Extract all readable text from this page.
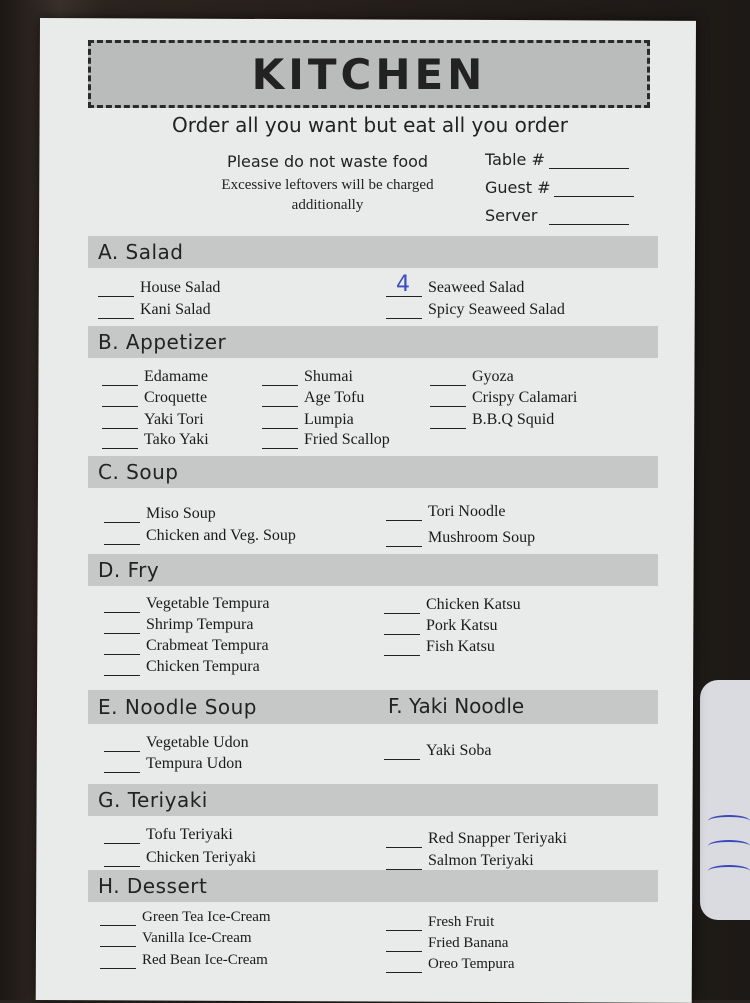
KITCHEN
Order all you want but eat all you order
Please do not waste food
Excessive leftovers will be charged additionally
Table #
Guest #
Server
A. Salad
House Salad
Kani Salad
4 Seaweed Salad
Spicy Seaweed Salad
B. Appetizer
Edamame
Croquette
Yaki Tori
Tako Yaki
Shumai
Age Tofu
Lumpia
Fried Scallop
Gyoza
Crispy Calamari
B.B.Q Squid
C. Soup
Miso Soup
Chicken and Veg. Soup
Tori Noodle
Mushroom Soup
D. Fry
Vegetable Tempura
Shrimp Tempura
Crabmeat Tempura
Chicken Tempura
Chicken Katsu
Pork Katsu
Fish Katsu
E. Noodle Soup	F. Yaki Noodle
Vegetable Udon
Tempura Udon
Yaki Soba
G. Teriyaki
Tofu Teriyaki
Chicken Teriyaki
Red Snapper Teriyaki
Salmon Teriyaki
H. Dessert
Green Tea Ice-Cream
Vanilla Ice-Cream
Red Bean Ice-Cream
Fresh Fruit
Fried Banana
Oreo Tempura
